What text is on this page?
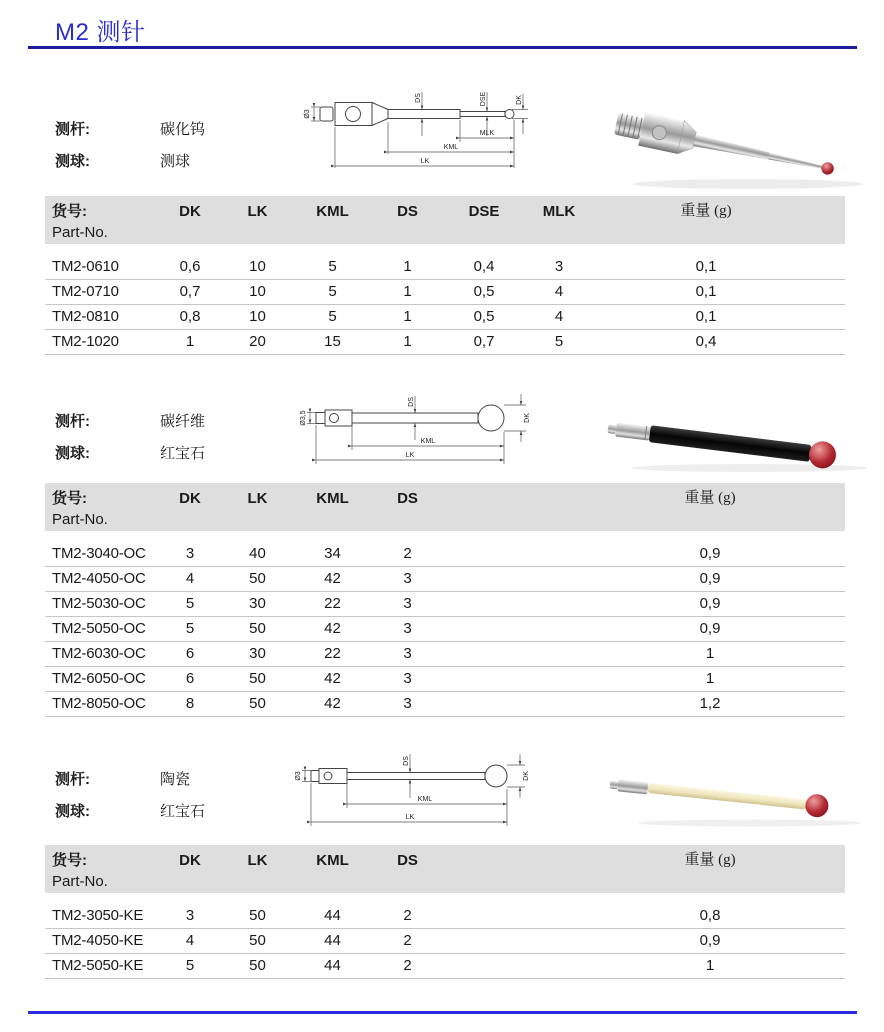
M2 测针
测杆:	碳化钨
测球:	测球
Ø3
DS	DSE	DK
MLK
KML
LK
货号:
Part-No.
DK	LK	KML	DS	DSE	MLK	重量 (g)
TM2-0610	0,6	10	5	1	0,4	3	0,1
TM2-0710	0,7	10	5	1	0,5	4	0,1
TM2-0810	0,8	10	5	1	0,5	4	0,1
TM2-1020	1	20	15	1	0,7	5	0,4
测杆:	碳纤维
测球:	红宝石
Ø3,5
DS
DK
KML
LK
货号:
Part-No.
DK	LK	KML	DS	重量 (g)
TM2-3040-OC	3	40	34	2	0,9
TM2-4050-OC	4	50	42	3	0,9
TM2-5030-OC	5	30	22	3	0,9
TM2-5050-OC	5	50	42	3	0,9
TM2-6030-OC	6	30	22	3	1
TM2-6050-OC	6	50	42	3	1
TM2-8050-OC	8	50	42	3	1,2
测杆:	陶瓷
测球:	红宝石
Ø3
DS
DK
KML
LK
货号:
Part-No.
DK	LK	KML	DS	重量 (g)
TM2-3050-KE	3	50	44	2	0,8
TM2-4050-KE	4	50	44	2	0,9
TM2-5050-KE	5	50	44	2	1
